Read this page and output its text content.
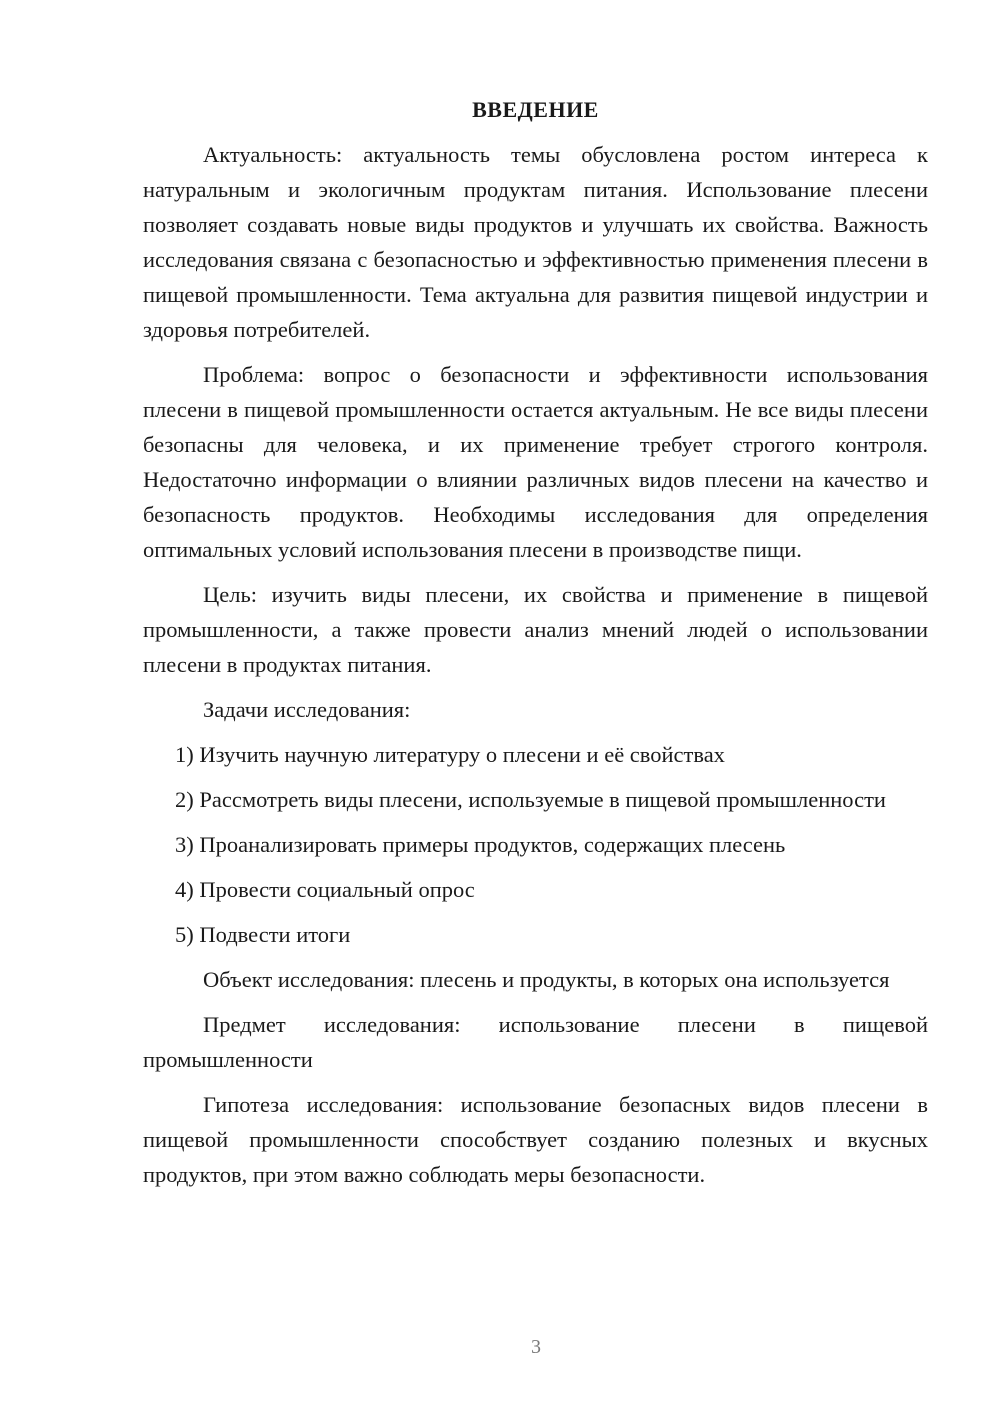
ВВЕДЕНИЕ

Актуальность: актуальность темы обусловлена ростом интереса к натуральным и экологичным продуктам питания. Использование плесени позволяет создавать новые виды продуктов и улучшать их свойства. Важность исследования связана с безопасностью и эффективностью применения плесени в пищевой промышленности. Тема актуальна для развития пищевой индустрии и здоровья потребителей.

Проблема: вопрос о безопасности и эффективности использования плесени в пищевой промышленности остается актуальным. Не все виды плесени безопасны для человека, и их применение требует строгого контроля. Недостаточно информации о влиянии различных видов плесени на качество и безопасность продуктов. Необходимы исследования для определения оптимальных условий использования плесени в производстве пищи.

Цель: изучить виды плесени, их свойства и применение в пищевой промышленности, а также провести анализ мнений людей о использовании плесени в продуктах питания.

Задачи исследования:

1) Изучить научную литературу о плесени и её свойствах

2) Рассмотреть виды плесени, используемые в пищевой промышленности

3) Проанализировать примеры продуктов, содержащих плесень

4) Провести социальный опрос

5) Подвести итоги

Объект исследования: плесень и продукты, в которых она используется

Предмет исследования: использование плесени в пищевой промышленности

Гипотеза исследования: использование безопасных видов плесени в пищевой промышленности способствует созданию полезных и вкусных продуктов, при этом важно соблюдать меры безопасности.

3
